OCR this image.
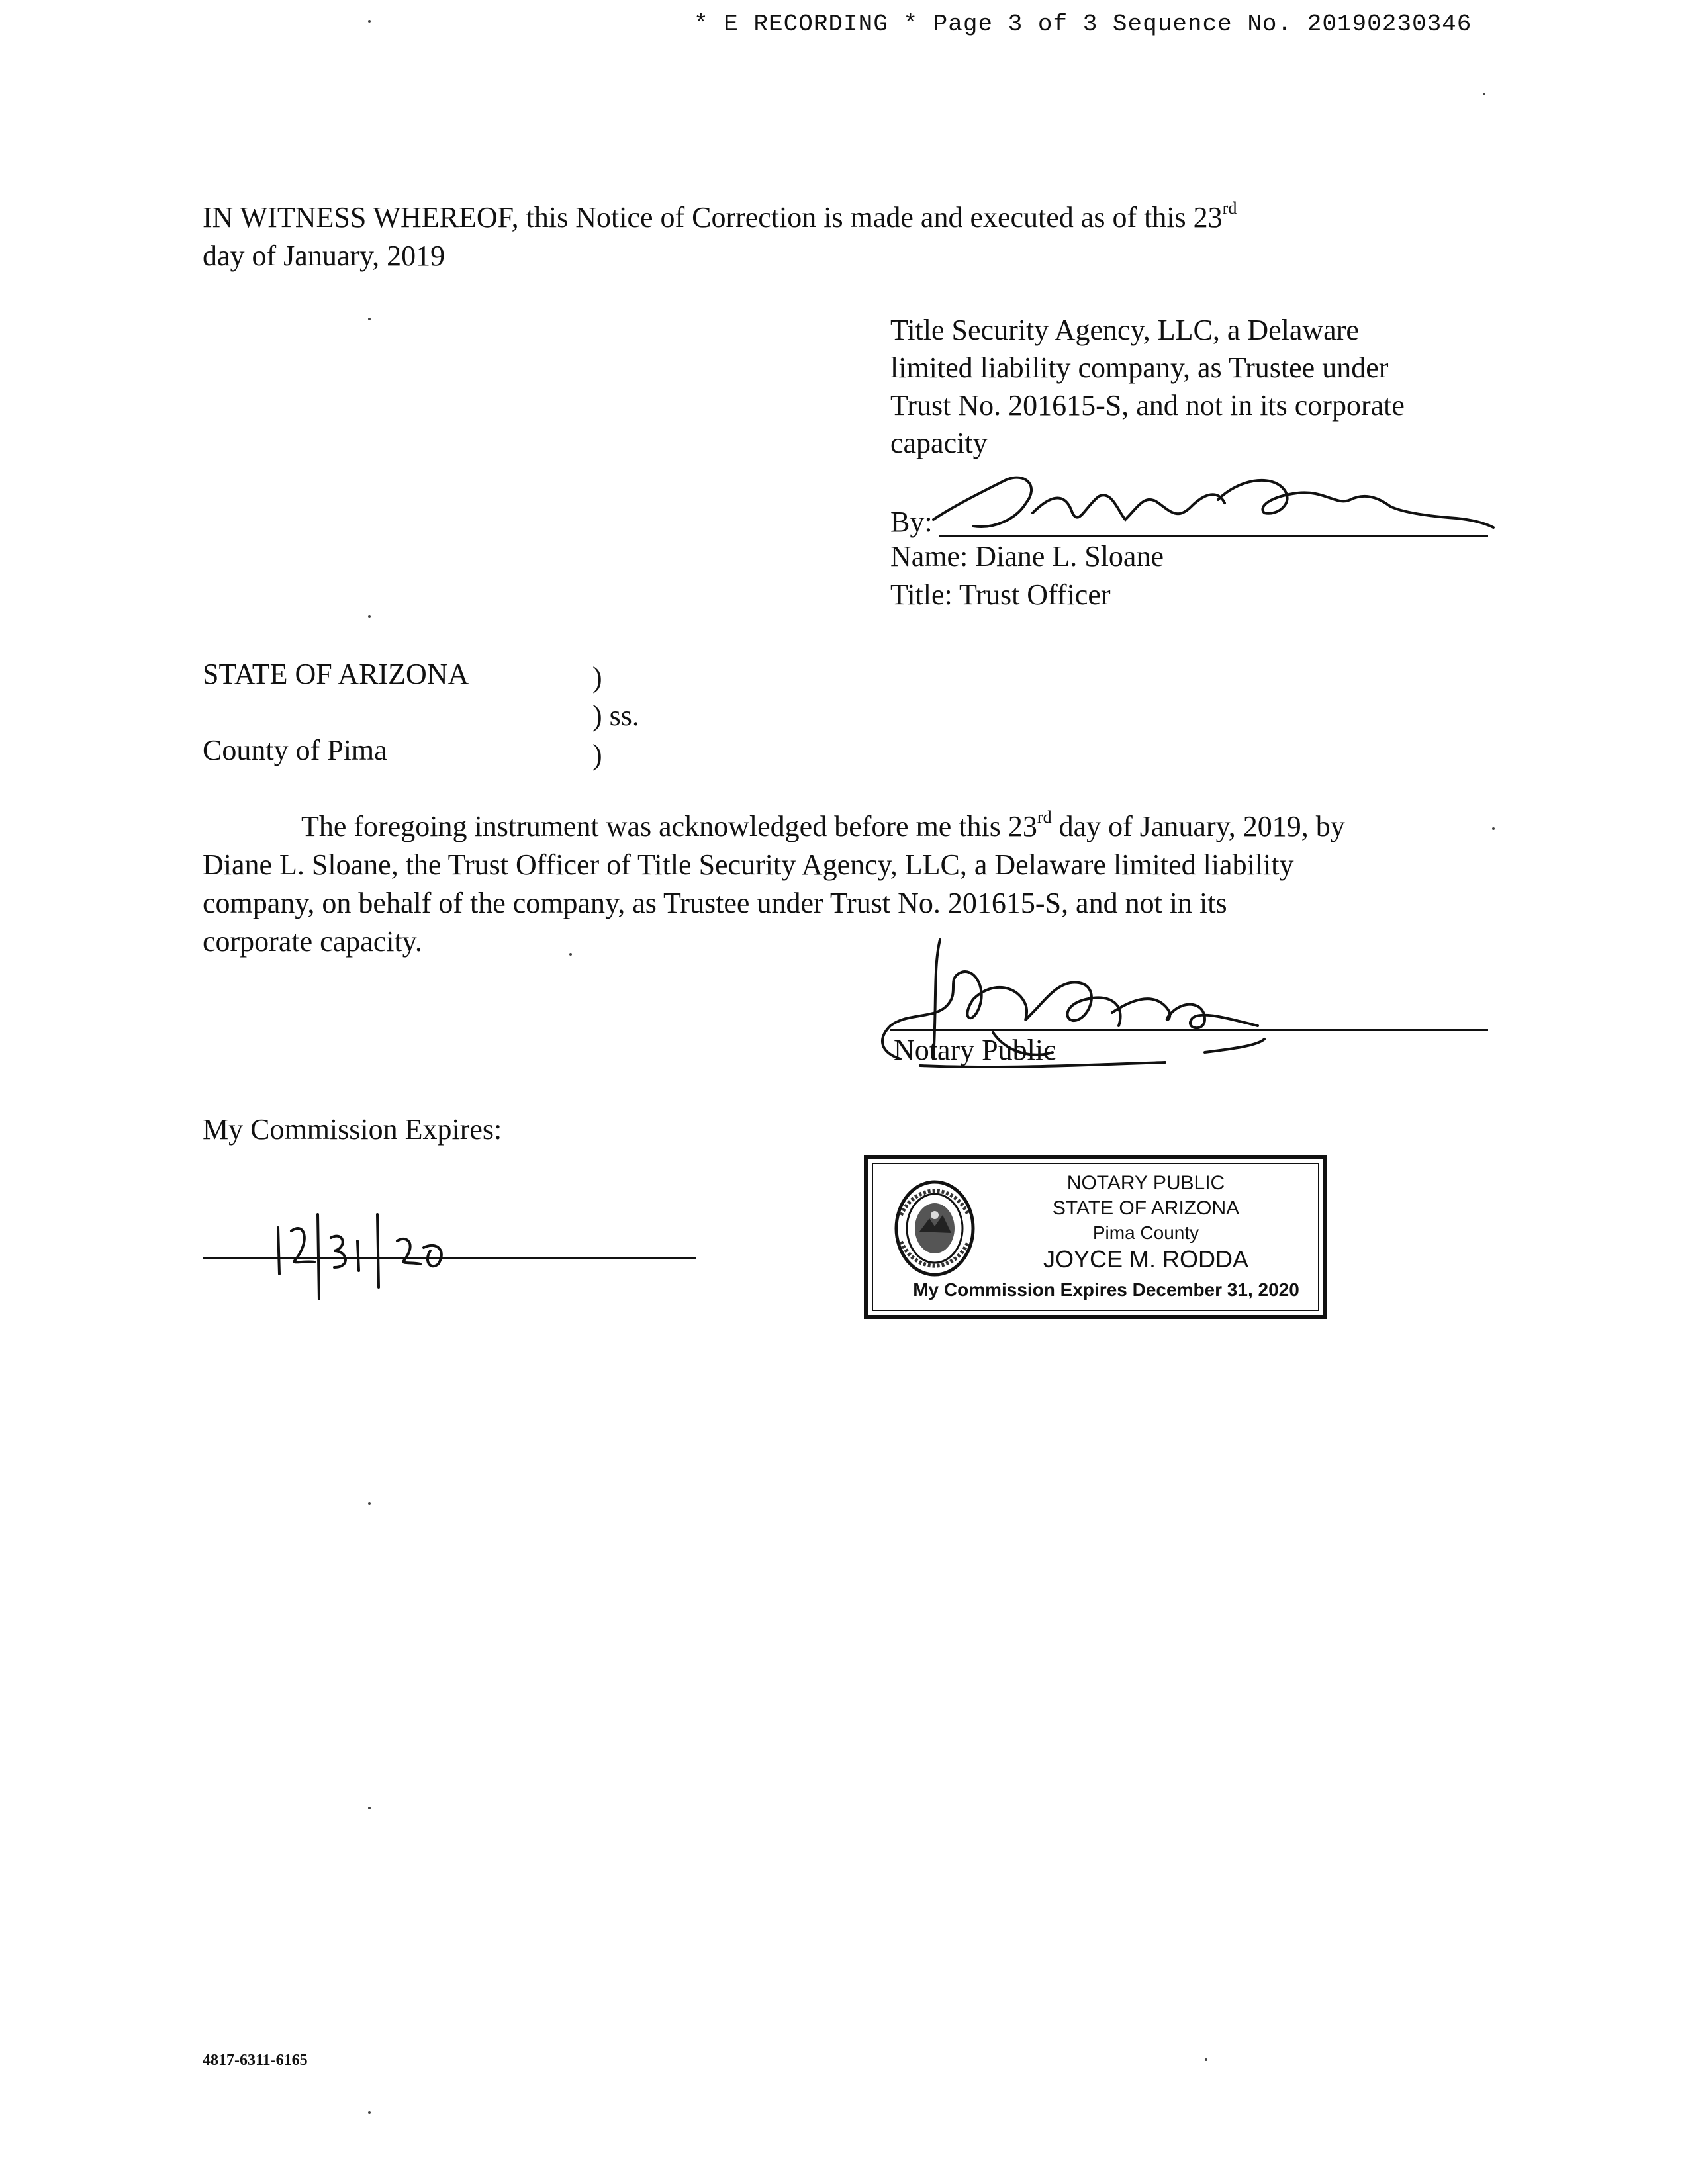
* E RECORDING * Page 3 of 3 Sequence No. 20190230346
IN WITNESS WHEREOF, this Notice of Correction is made and executed as of this 23rd
day of January, 2019
Title Security Agency, LLC, a Delaware
limited liability company, as Trustee under
Trust No. 201615-S, and not in its corporate
capacity
By:
Name: Diane L. Sloane
Title: Trust Officer
STATE OF ARIZONA	)
) ss.
County of Pima	)
The foregoing instrument was acknowledged before me this 23rd day of January, 2019, by
Diane L. Sloane, the Trust Officer of Title Security Agency, LLC, a Delaware limited liability
company, on behalf of the company, as Trustee under Trust No. 201615-S, and not in its
corporate capacity.
Notary Public
My Commission Expires:
12 31 20
NOTARY PUBLIC
STATE OF ARIZONA
Pima County
JOYCE M. RODDA
My Commission Expires December 31, 2020
4817-6311-6165
